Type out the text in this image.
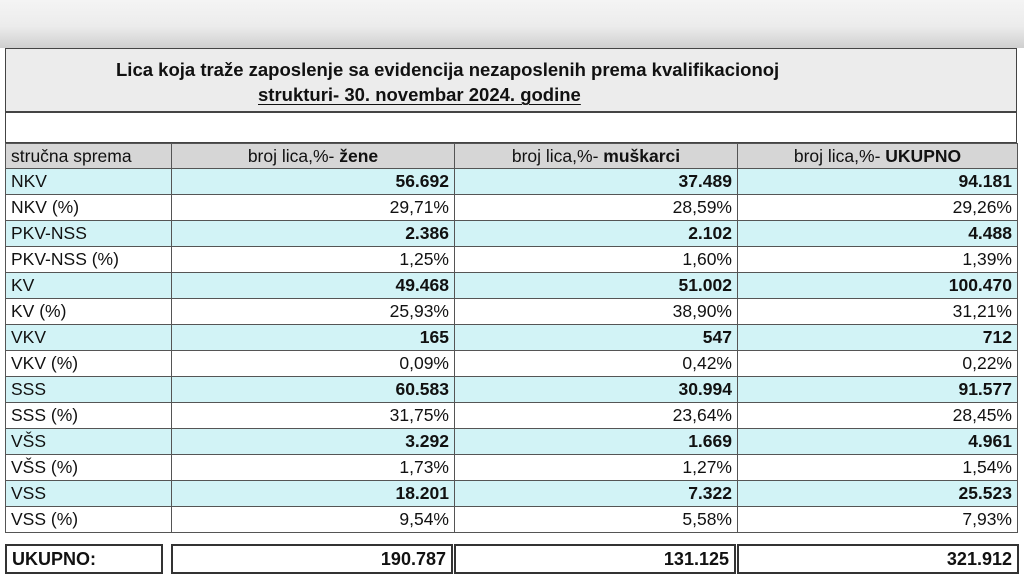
Lica koja traže zaposlenje sa evidencija nezaposlenih prema kvalifikacionoj
strukturi- 30. novembar 2024. godine
stručna sprema	broj lica,%- žene	broj lica,%- muškarci	broj lica,%- UKUPNO
NKV	56.692	37.489	94.181
NKV (%)	29,71%	28,59%	29,26%
PKV-NSS	2.386	2.102	4.488
PKV-NSS (%)	1,25%	1,60%	1,39%
KV	49.468	51.002	100.470
KV (%)	25,93%	38,90%	31,21%
VKV	165	547	712
VKV (%)	0,09%	0,42%	0,22%
SSS	60.583	30.994	91.577
SSS (%)	31,75%	23,64%	28,45%
VŠS	3.292	1.669	4.961
VŠS (%)	1,73%	1,27%	1,54%
VSS	18.201	7.322	25.523
VSS (%)	9,54%	5,58%	7,93%
UKUPNO:		190.787		131.125		321.912
